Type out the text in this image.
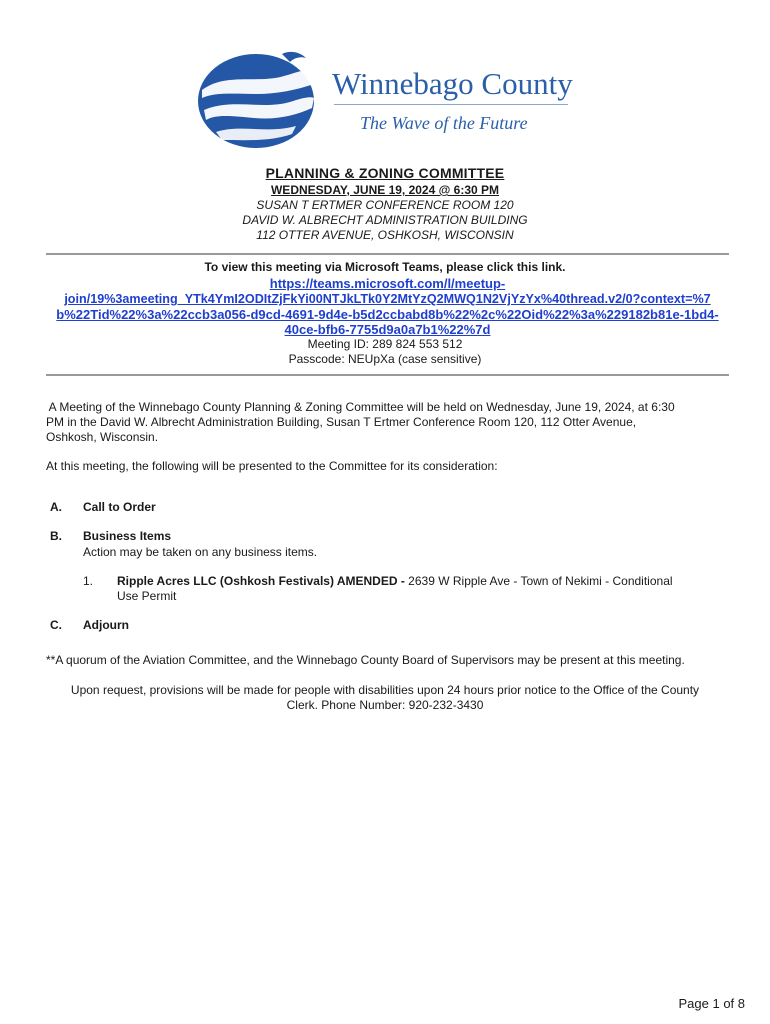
Winnebago County
The Wave of the Future
PLANNING & ZONING COMMITTEE
WEDNESDAY, JUNE 19, 2024 @ 6:30 PM
SUSAN T ERTMER CONFERENCE ROOM 120
DAVID W. ALBRECHT ADMINISTRATION BUILDING
112 OTTER AVENUE, OSHKOSH, WISCONSIN
To view this meeting via Microsoft Teams, please click this link.
https://teams.microsoft.com/l/meetup-
join/19%3ameeting_YTk4YmI2ODItZjFkYi00NTJkLTk0Y2MtYzQ2MWQ1N2VjYzYx%40thread.v2/0?context=%7
b%22Tid%22%3a%22ccb3a056-d9cd-4691-9d4e-b5d2ccbabd8b%22%2c%22Oid%22%3a%229182b81e-1bd4-
40ce-bfb6-7755d9a0a7b1%22%7d
Meeting ID: 289 824 553 512
Passcode: NEUpXa (case sensitive)
A Meeting of the Winnebago County Planning & Zoning Committee will be held on Wednesday, June 19, 2024, at 6:30
PM in the David W. Albrecht Administration Building, Susan T Ertmer Conference Room 120, 112 Otter Avenue,
Oshkosh, Wisconsin.
At this meeting, the following will be presented to the Committee for its consideration:
A. Call to Order
B. Business Items
Action may be taken on any business items.
1. Ripple Acres LLC (Oshkosh Festivals) AMENDED - 2639 W Ripple Ave - Town of Nekimi - Conditional
Use Permit
C. Adjourn
**A quorum of the Aviation Committee, and the Winnebago County Board of Supervisors may be present at this meeting.
Upon request, provisions will be made for people with disabilities upon 24 hours prior notice to the Office of the County
Clerk. Phone Number: 920-232-3430
Page 1 of 8
